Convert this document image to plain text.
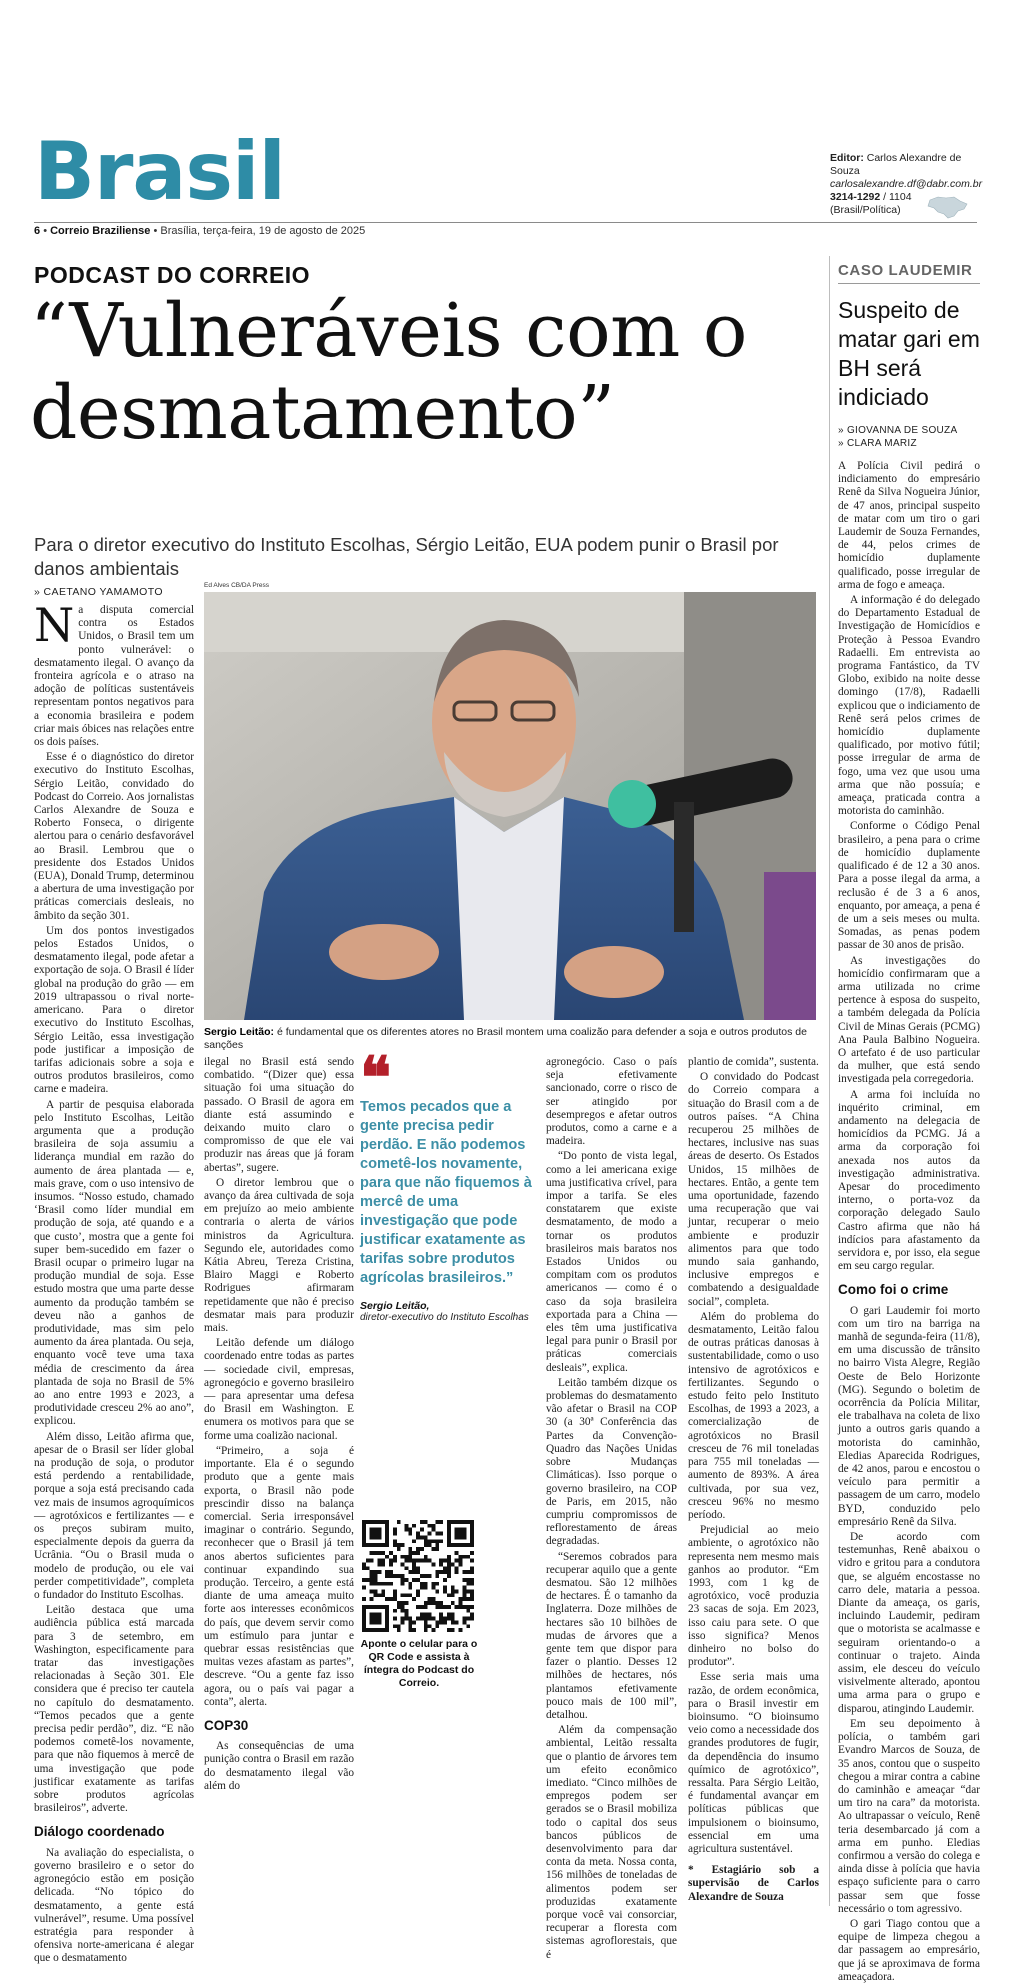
Brasil
6 • Correio Braziliense • Brasília, terça-feira, 19 de agosto de 2025
Editor: Carlos Alexandre de Souza
carlosalexandre.df@dabr.com.br
3214-1292 / 1104 (Brasil/Política)
PODCAST DO CORREIO
“Vulneráveis com o desmatamento”
Para o diretor executivo do Instituto Escolhas, Sérgio Leitão, EUA podem punir o Brasil por danos ambientais
» CAETANO YAMAMOTO
Ed Alves CB/DA Press
Sergio Leitão: é fundamental que os diferentes atores no Brasil montem uma coalizão para defender a soja e outros produtos de sanções

Na disputa comercial contra os Estados Unidos, o Brasil tem um ponto vulnerável: o desmatamento ilegal. O avanço da fronteira agrícola e o atraso na adoção de políticas sustentáveis representam pontos negativos para a economia brasileira e podem criar mais óbices nas relações entre os dois países.

Esse é o diagnóstico do diretor executivo do Instituto Escolhas, Sérgio Leitão, convidado do Podcast do Correio. Aos jornalistas Carlos Alexandre de Souza e Roberto Fonseca, o dirigente alertou para o cenário desfavorável ao Brasil. Lembrou que o presidente dos Estados Unidos (EUA), Donald Trump, determinou a abertura de uma investigação por práticas comerciais desleais, no âmbito da seção 301.

Um dos pontos investigados pelos Estados Unidos, o desmatamento ilegal, pode afetar a exportação de soja. O Brasil é líder global na produção do grão — em 2019 ultrapassou o rival norte-americano. Para o diretor executivo do Instituto Escolhas, Sérgio Leitão, essa investigação pode justificar a imposição de tarifas adicionais sobre a soja e outros produtos brasileiros, como carne e madeira.

A partir de pesquisa elaborada pelo Instituto Escolhas, Leitão argumenta que a produção brasileira de soja assumiu a liderança mundial em razão do aumento de área plantada — e, mais grave, com o uso intensivo de insumos. “Nosso estudo, chamado ‘Brasil como líder mundial em produção de soja, até quando e a que custo’, mostra que a gente foi super bem-sucedido em fazer o Brasil ocupar o primeiro lugar na produção mundial de soja. Esse estudo mostra que uma parte desse aumento da produção também se deveu não a ganhos de produtividade, mas sim pelo aumento da área plantada. Ou seja, enquanto você teve uma taxa média de crescimento da área plantada de soja no Brasil de 5% ao ano entre 1993 e 2023, a produtividade cresceu 2% ao ano”, explicou.

Além disso, Leitão afirma que, apesar de o Brasil ser líder global na produção de soja, o produtor está perdendo a rentabilidade, porque a soja está precisando cada vez mais de insumos agroquímicos — agrotóxicos e fertilizantes — e os preços subiram muito, especialmente depois da guerra da Ucrânia. “Ou o Brasil muda o modelo de produção, ou ele vai perder competitividade”, completa o fundador do Instituto Escolhas.

Leitão destaca que uma audiência pública está marcada para 3 de setembro, em Washington, especificamente para tratar das investigações relacionadas à Seção 301. Ele considera que é preciso ter cautela no capítulo do desmatamento. “Temos pecados que a gente precisa pedir perdão”, diz. “E não podemos cometê-los novamente, para que não fiquemos à mercê de uma investigação que pode justificar exatamente as tarifas sobre produtos agrícolas brasileiros”, adverte.

Diálogo coordenado

Na avaliação do especialista, o governo brasileiro e o setor do agronegócio estão em posição delicada. “No tópico do desmatamento, a gente está vulnerável”, resume. Uma possível estratégia para responder à ofensiva norte-americana é alegar que o desmatamento

ilegal no Brasil está sendo combatido. “(Dizer que) essa situação foi uma situação do passado. O Brasil de agora em diante está assumindo e deixando muito claro o compromisso de que ele vai produzir nas áreas que já foram abertas”, sugere.

O diretor lembrou que o avanço da área cultivada de soja em prejuízo ao meio ambiente contraria o alerta de vários ministros da Agricultura. Segundo ele, autoridades como Kátia Abreu, Tereza Cristina, Blairo Maggi e Roberto Rodrigues afirmaram repetidamente que não é preciso desmatar mais para produzir mais.

Leitão defende um diálogo coordenado entre todas as partes — sociedade civil, empresas, agronegócio e governo brasileiro — para apresentar uma defesa do Brasil em Washington. E enumera os motivos para que se forme uma coalizão nacional.

“Primeiro, a soja é importante. Ela é o segundo produto que a gente mais exporta, o Brasil não pode prescindir disso na balança comercial. Seria irresponsável imaginar o contrário. Segundo, reconhecer que o Brasil já tem anos abertos suficientes para continuar expandindo sua produção. Terceiro, a gente está diante de uma ameaça muito forte aos interesses econômicos do país, que devem servir como um estímulo para juntar e quebrar essas resistências que muitas vezes afastam as partes”, descreve. “Ou a gente faz isso agora, ou o país vai pagar a conta”, alerta.

COP30

As consequências de uma punição contra o Brasil em razão do desmatamento ilegal vão além do

❝
Temos pecados que a gente precisa pedir perdão. E não podemos cometê-los novamente, para que não fiquemos à mercê de uma investigação que pode justificar exatamente as tarifas sobre produtos agrícolas brasileiros.”
Sergio Leitão,
diretor-executivo do Instituto Escolhas
Aponte o celular para o QR Code e assista à íntegra do Podcast do Correio.

agronegócio. Caso o país seja efetivamente sancionado, corre o risco de ser atingido por desempregos e afetar outros produtos, como a carne e a madeira.

“Do ponto de vista legal, como a lei americana exige uma justificativa crível, para impor a tarifa. Se eles constatarem que existe desmatamento, de modo a tornar os produtos brasileiros mais baratos nos Estados Unidos ou compitam com os produtos americanos — como é o caso da soja brasileira exportada para a China — eles têm uma justificativa legal para punir o Brasil por práticas comerciais desleais”, explica.

Leitão também dizque os problemas do desmatamento vão afetar o Brasil na COP 30 (a 30ª Conferência das Partes da Convenção-Quadro das Nações Unidas sobre Mudanças Climáticas). Isso porque o governo brasileiro, na COP de Paris, em 2015, não cumpriu compromissos de reflorestamento de áreas degradadas.

“Seremos cobrados para recuperar aquilo que a gente desmatou. São 12 milhões de hectares. É o tamanho da Inglaterra. Doze milhões de hectares são 10 bilhões de mudas de árvores que a gente tem que dispor para fazer o plantio. Desses 12 milhões de hectares, nós plantamos efetivamente pouco mais de 100 mil”, detalhou.

Além da compensação ambiental, Leitão ressalta que o plantio de árvores tem um efeito econômico imediato. “Cinco milhões de empregos podem ser gerados se o Brasil mobiliza todo o capital dos seus bancos públicos de desenvolvimento para dar conta da meta. Nossa conta, 156 milhões de toneladas de alimentos podem ser produzidas exatamente porque você vai consorciar, recuperar a floresta com sistemas agroflorestais, que é

plantio de comida”, sustenta.

O convidado do Podcast do Correio compara a situação do Brasil com a de outros países. “A China recuperou 25 milhões de hectares, inclusive nas suas áreas de deserto. Os Estados Unidos, 15 milhões de hectares. Então, a gente tem uma oportunidade, fazendo uma recuperação que vai juntar, recuperar o meio ambiente e produzir alimentos para que todo mundo saia ganhando, inclusive empregos e combatendo a desigualdade social”, completa.

Além do problema do desmatamento, Leitão falou de outras práticas danosas à sustentabilidade, como o uso intensivo de agrotóxicos e fertilizantes. Segundo o estudo feito pelo Instituto Escolhas, de 1993 a 2023, a comercialização de agrotóxicos no Brasil cresceu de 76 mil toneladas para 755 mil toneladas — aumento de 893%. A área cultivada, por sua vez, cresceu 96% no mesmo período.

Prejudicial ao meio ambiente, o agrotóxico não representa nem mesmo mais ganhos ao produtor. “Em 1993, com 1 kg de agrotóxico, você produzia 23 sacas de soja. Em 2023, isso caiu para sete. O que isso significa? Menos dinheiro no bolso do produtor”.

Esse seria mais uma razão, de ordem econômica, para o Brasil investir em bioinsumo. “O bioinsumo veio como a necessidade dos grandes produtores de fugir, da dependência do insumo químico de agrotóxico”, ressalta. Para Sérgio Leitão, é fundamental avançar em políticas públicas que impulsionem o bioinsumo, essencial em uma agricultura sustentável.

* Estagiário sob a supervisão de Carlos Alexandre de Souza

CASO LAUDEMIR
Suspeito de matar gari em BH será indiciado
» GIOVANNA DE SOUZA
» CLARA MARIZ

A Polícia Civil pedirá o indiciamento do empresário Renê da Silva Nogueira Júnior, de 47 anos, principal suspeito de matar com um tiro o gari Laudemir de Souza Fernandes, de 44, pelos crimes de homicídio duplamente qualificado, posse irregular de arma de fogo e ameaça.

A informação é do delegado do Departamento Estadual de Investigação de Homicídios e Proteção à Pessoa Evandro Radaelli. Em entrevista ao programa Fantástico, da TV Globo, exibido na noite desse domingo (17/8), Radaelli explicou que o indiciamento de Renê será pelos crimes de homicídio duplamente qualificado, por motivo fútil; posse irregular de arma de fogo, uma vez que usou uma arma que não possuía; e ameaça, praticada contra a motorista do caminhão.

Conforme o Código Penal brasileiro, a pena para o crime de homicídio duplamente qualificado é de 12 a 30 anos. Para a posse ilegal da arma, a reclusão é de 3 a 6 anos, enquanto, por ameaça, a pena é de um a seis meses ou multa. Somadas, as penas podem passar de 30 anos de prisão.

As investigações do homicídio confirmaram que a arma utilizada no crime pertence à esposa do suspeito, a também delegada da Polícia Civil de Minas Gerais (PCMG) Ana Paula Balbino Nogueira. O artefato é de uso particular da mulher, que está sendo investigada pela corregedoria.

A arma foi incluída no inquérito criminal, em andamento na delegacia de homicídios da PCMG. Já a arma da corporação foi anexada nos autos da investigação administrativa. Apesar do procedimento interno, o porta-voz da corporação delegado Saulo Castro afirma que não há indícios para afastamento da servidora e, por isso, ela segue em seu cargo regular.

Como foi o crime

O gari Laudemir foi morto com um tiro na barriga na manhã de segunda-feira (11/8), em uma discussão de trânsito no bairro Vista Alegre, Região Oeste de Belo Horizonte (MG). Segundo o boletim de ocorrência da Polícia Militar, ele trabalhava na coleta de lixo junto a outros garis quando a motorista do caminhão, Eledias Aparecida Rodrigues, de 42 anos, parou e encostou o veículo para permitir a passagem de um carro, modelo BYD, conduzido pelo empresário Renê da Silva.

De acordo com testemunhas, Renê abaixou o vidro e gritou para a condutora que, se alguém encostasse no carro dele, mataria a pessoa. Diante da ameaça, os garis, incluindo Laudemir, pediram que o motorista se acalmasse e seguiram orientando-o a continuar o trajeto. Ainda assim, ele desceu do veículo visivelmente alterado, apontou uma arma para o grupo e disparou, atingindo Laudemir.

Em seu depoimento à polícia, o também gari Evandro Marcos de Souza, de 35 anos, contou que o suspeito chegou a mirar contra a cabine do caminhão e ameaçar “dar um tiro na cara” da motorista. Ao ultrapassar o veículo, Renê teria desembarcado já com a arma em punho. Eledias confirmou a versão do colega e ainda disse à polícia que havia espaço suficiente para o carro passar sem que fosse necessário o tom agressivo.

O gari Tiago contou que a equipe de limpeza chegou a dar passagem ao empresário, que já se aproximava de forma ameaçadora.
